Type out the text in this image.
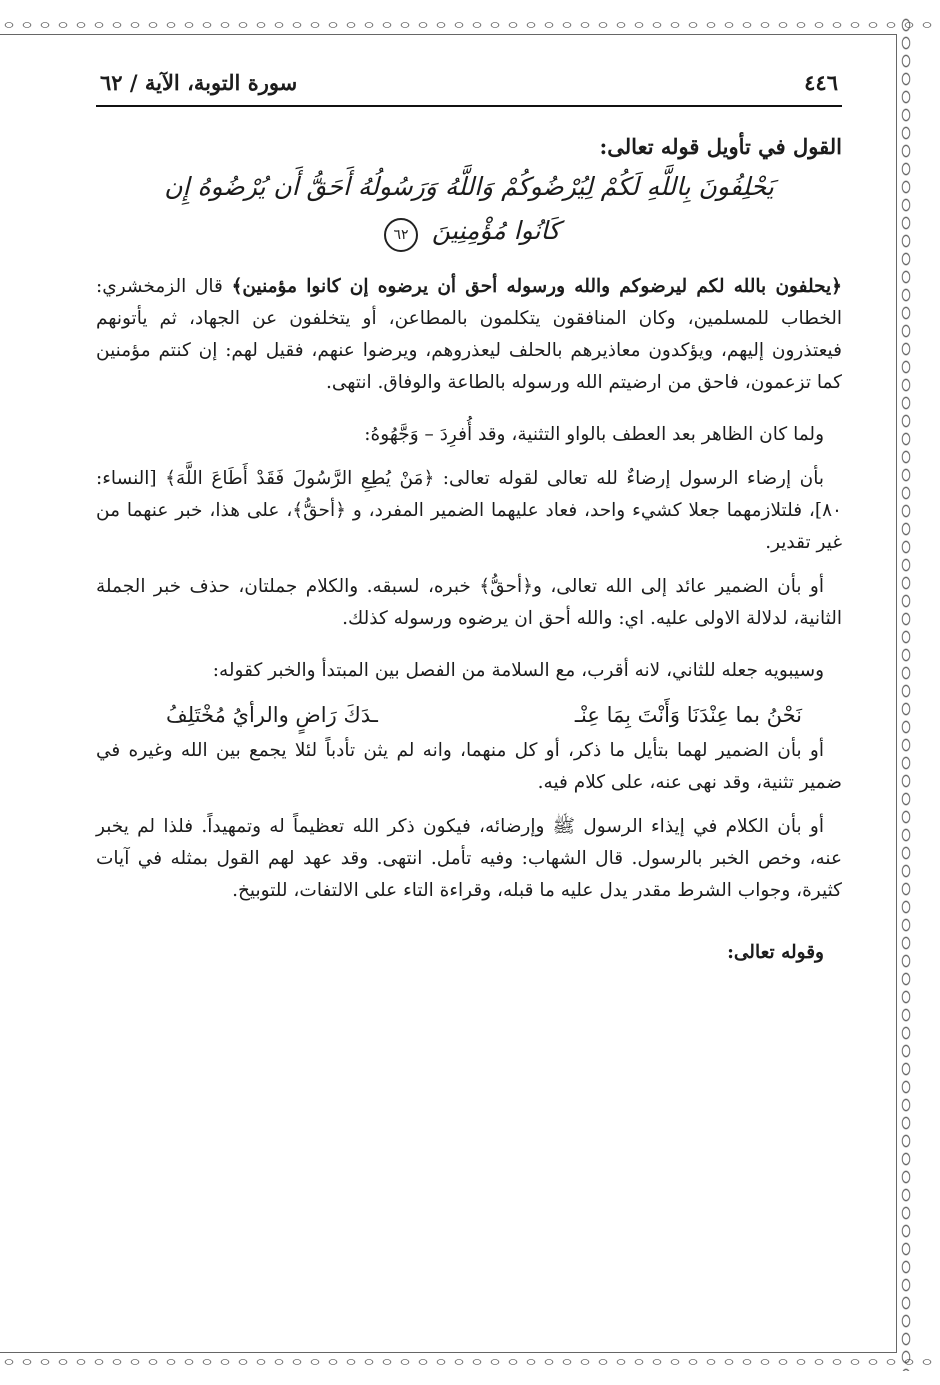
٤٤٦
سورة التوبة، الآية / ٦٢

القول في تأويل قوله تعالى:

يَحْلِفُونَ بِاللَّهِ لَكُمْ لِيُرْضُوكُمْ وَاللَّهُ وَرَسُولُهُ أَحَقُّ أَن يُرْضُوهُ إِن
كَانُوا مُؤْمِنِينَ ٦٢

﴿يحلفون بالله لكم ليرضوكم والله ورسوله أحق أن يرضوه إن كانوا مؤمنين﴾ قال الزمخشري: الخطاب للمسلمين، وكان المنافقون يتكلمون بالمطاعن، أو يتخلفون عن الجهاد، ثم يأتونهم فيعتذرون إليهم، ويؤكدون معاذيرهم بالحلف ليعذروهم، ويرضوا عنهم، فقيل لهم: إن كنتم مؤمنين كما تزعمون، فاحق من ارضيتم الله ورسوله بالطاعة والوفاق. انتهى.

ولما كان الظاهر بعد العطف بالواو التثنية، وقد أُفرِدَ – وَجَّهُوهُ:

بأن إرضاء الرسول إرضاءٌ لله تعالى لقوله تعالى: ﴿مَنْ يُطِعِ الرَّسُولَ فَقَدْ أَطَاعَ اللَّهَ﴾ [النساء: ٨٠]، فلتلازمهما جعلا كشيء واحد، فعاد عليهما الضمير المفرد، و ﴿أحقُّ﴾، على هذا، خبر عنهما من غير تقدير.

أو بأن الضمير عائد إلى الله تعالى، و﴿أحقُّ﴾ خبره، لسبقه. والكلام جملتان، حذف خبر الجملة الثانية، لدلالة الاولى عليه. اي: والله أحق ان يرضوه ورسوله كذلك.

وسيبويه جعله للثاني، لانه أقرب، مع السلامة من الفصل بين المبتدأ والخبر كقوله:

نَحْنُ بما عِنْدَنَا وَأَنْتَ بِمَا عِنْـ
ـدَكَ رَاضٍ والرأيُ مُخْتَلِفُ

أو بأن الضمير لهما بتأيل ما ذكر، أو كل منهما، وانه لم يثن تأدباً لئلا يجمع بين الله وغيره في ضمير تثنية، وقد نهى عنه، على كلام فيه.

أو بأن الكلام في إيذاء الرسول ﷺ وإرضائه، فيكون ذكر الله تعظيماً له وتمهيداً. فلذا لم يخبر عنه، وخص الخبر بالرسول. قال الشهاب: وفيه تأمل. انتهى. وقد عهد لهم القول بمثله في آيات كثيرة، وجواب الشرط مقدر يدل عليه ما قبله، وقراءة التاء على الالتفات، للتوبيخ.

وقوله تعالى:
